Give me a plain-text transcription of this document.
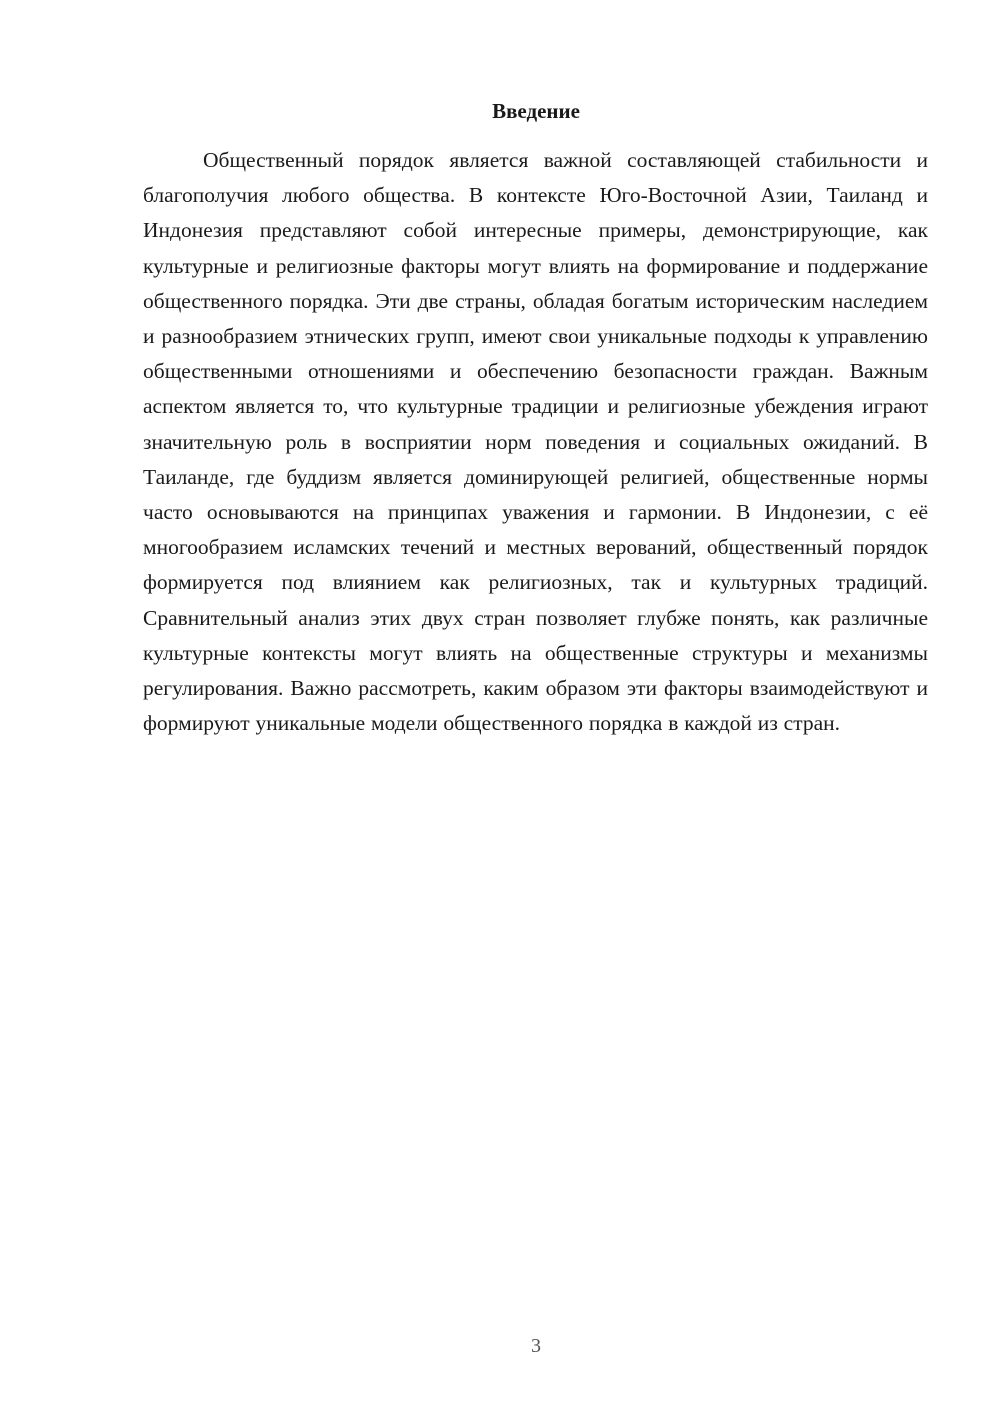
Введение

Общественный порядок является важной составляющей стабильности и благополучия любого общества. В контексте Юго-Восточной Азии, Таиланд и Индонезия представляют собой интересные примеры, демонстрирующие, как культурные и религиозные факторы могут влиять на формирование и поддержание общественного порядка. Эти две страны, обладая богатым историческим наследием и разнообразием этнических групп, имеют свои уникальные подходы к управлению общественными отношениями и обеспечению безопасности граждан. Важным аспектом является то, что культурные традиции и религиозные убеждения играют значительную роль в восприятии норм поведения и социальных ожиданий. В Таиланде, где буддизм является доминирующей религией, общественные нормы часто основываются на принципах уважения и гармонии. В Индонезии, с её многообразием исламских течений и местных верований, общественный порядок формируется под влиянием как религиозных, так и культурных традиций. Сравнительный анализ этих двух стран позволяет глубже понять, как различные культурные контексты могут влиять на общественные структуры и механизмы регулирования. Важно рассмотреть, каким образом эти факторы взаимодействуют и формируют уникальные модели общественного порядка в каждой из стран.

3
